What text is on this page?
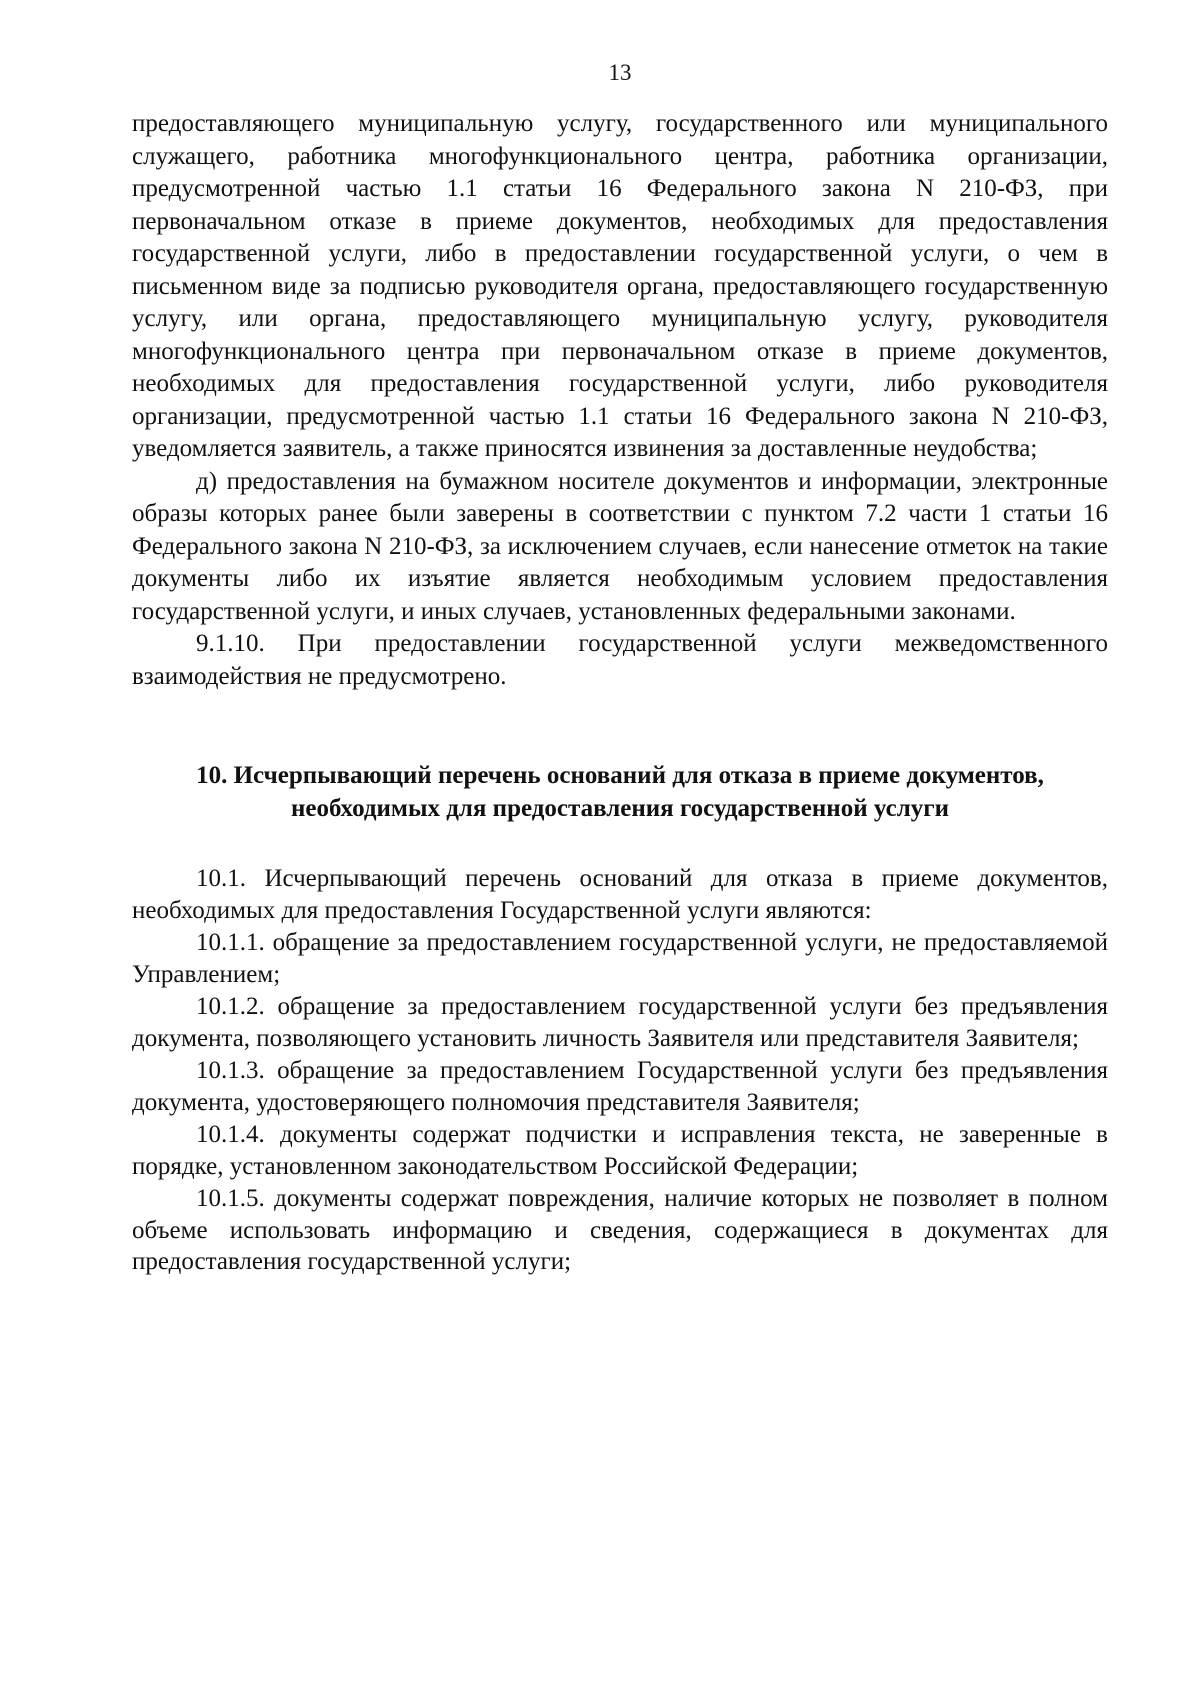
13

предоставляющего муниципальную услугу, государственного или муниципального служащего, работника многофункционального центра, работника организации, предусмотренной частью 1.1 статьи 16 Федерального закона N 210-ФЗ, при первоначальном отказе в приеме документов, необходимых для предоставления государственной услуги, либо в предоставлении государственной услуги, о чем в письменном виде за подписью руководителя органа, предоставляющего государственную услугу, или органа, предоставляющего муниципальную услугу, руководителя многофункционального центра при первоначальном отказе в приеме документов, необходимых для предоставления государственной услуги, либо руководителя организации, предусмотренной частью 1.1 статьи 16 Федерального закона N 210-ФЗ, уведомляется заявитель, а также приносятся извинения за доставленные неудобства;

д) предоставления на бумажном носителе документов и информации, электронные образы которых ранее были заверены в соответствии с пунктом 7.2 части 1 статьи 16 Федерального закона N 210-ФЗ, за исключением случаев, если нанесение отметок на такие документы либо их изъятие является необходимым условием предоставления государственной услуги, и иных случаев, установленных федеральными законами.

9.1.10. При предоставлении государственной услуги межведомственного взаимодействия не предусмотрено.

10. Исчерпывающий перечень оснований для отказа в приеме документов,
необходимых для предоставления государственной услуги

10.1. Исчерпывающий перечень оснований для отказа в приеме документов, необходимых для предоставления Государственной услуги являются:

10.1.1. обращение за предоставлением государственной услуги, не предоставляемой Управлением;

10.1.2. обращение за предоставлением государственной услуги без предъявления документа, позволяющего установить личность Заявителя или представителя Заявителя;

10.1.3. обращение за предоставлением Государственной услуги без предъявления документа, удостоверяющего полномочия представителя Заявителя;

10.1.4. документы содержат подчистки и исправления текста, не заверенные в порядке, установленном законодательством Российской Федерации;

10.1.5. документы содержат повреждения, наличие которых не позволяет в полном объеме использовать информацию и сведения, содержащиеся в документах для предоставления государственной услуги;
